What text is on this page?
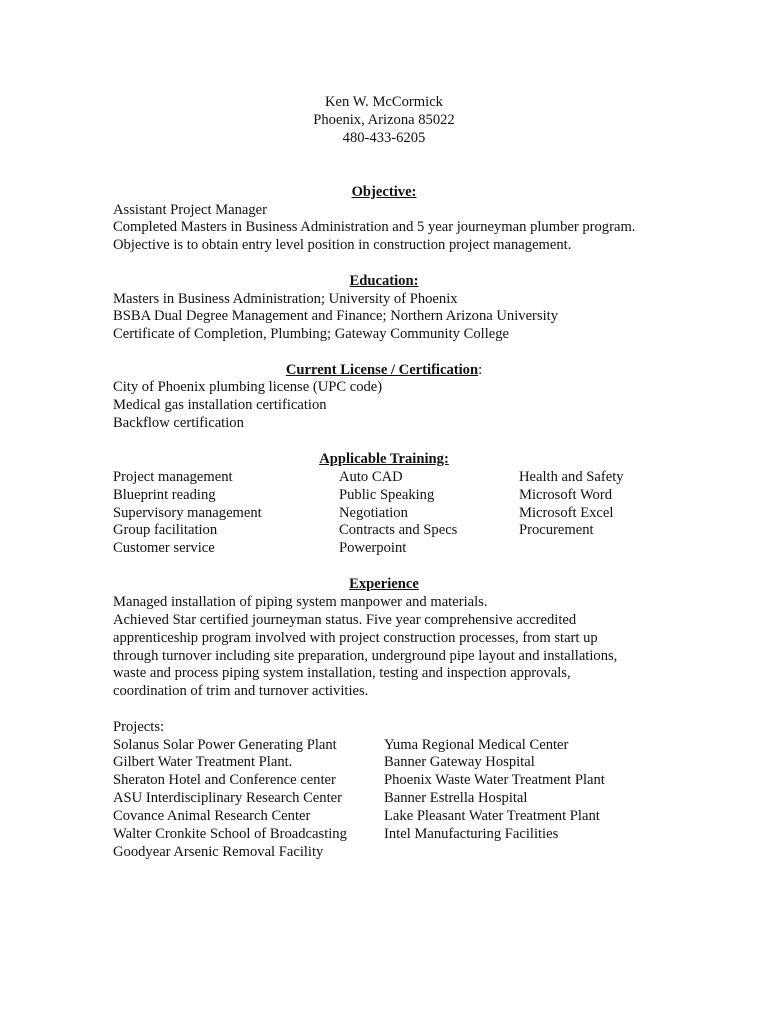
Ken W. McCormick
Phoenix, Arizona 85022
480-433-6205
Objective:
Assistant Project Manager
Completed Masters in Business Administration and 5 year journeyman plumber program.
Objective is to obtain entry level position in construction project management.
Education:
Masters in Business Administration; University of Phoenix
BSBA Dual Degree Management and Finance; Northern Arizona University
Certificate of Completion, Plumbing; Gateway Community College
Current License / Certification:
City of Phoenix plumbing license (UPC code)
Medical gas installation certification
Backflow certification
Applicable Training:
Project management
Blueprint reading
Supervisory management
Group facilitation
Customer service
Auto CAD
Public Speaking
Negotiation
Contracts and Specs
Powerpoint
Health and Safety
Microsoft Word
Microsoft Excel
Procurement
Experience
Managed installation of piping system manpower and materials.
Achieved Star certified journeyman status. Five year comprehensive accredited
apprenticeship program involved with project construction processes, from start up
through turnover including site preparation, underground pipe layout and installations,
waste and process piping system installation, testing and inspection approvals,
coordination of trim and turnover activities.
Projects:
Solanus Solar Power Generating Plant
Gilbert Water Treatment Plant.
Sheraton Hotel and Conference center
ASU Interdisciplinary Research Center
Covance Animal Research Center
Walter Cronkite School of Broadcasting
Goodyear Arsenic Removal Facility
Yuma Regional Medical Center
Banner Gateway Hospital
Phoenix Waste Water Treatment Plant
Banner Estrella Hospital
Lake Pleasant Water Treatment Plant
Intel Manufacturing Facilities
